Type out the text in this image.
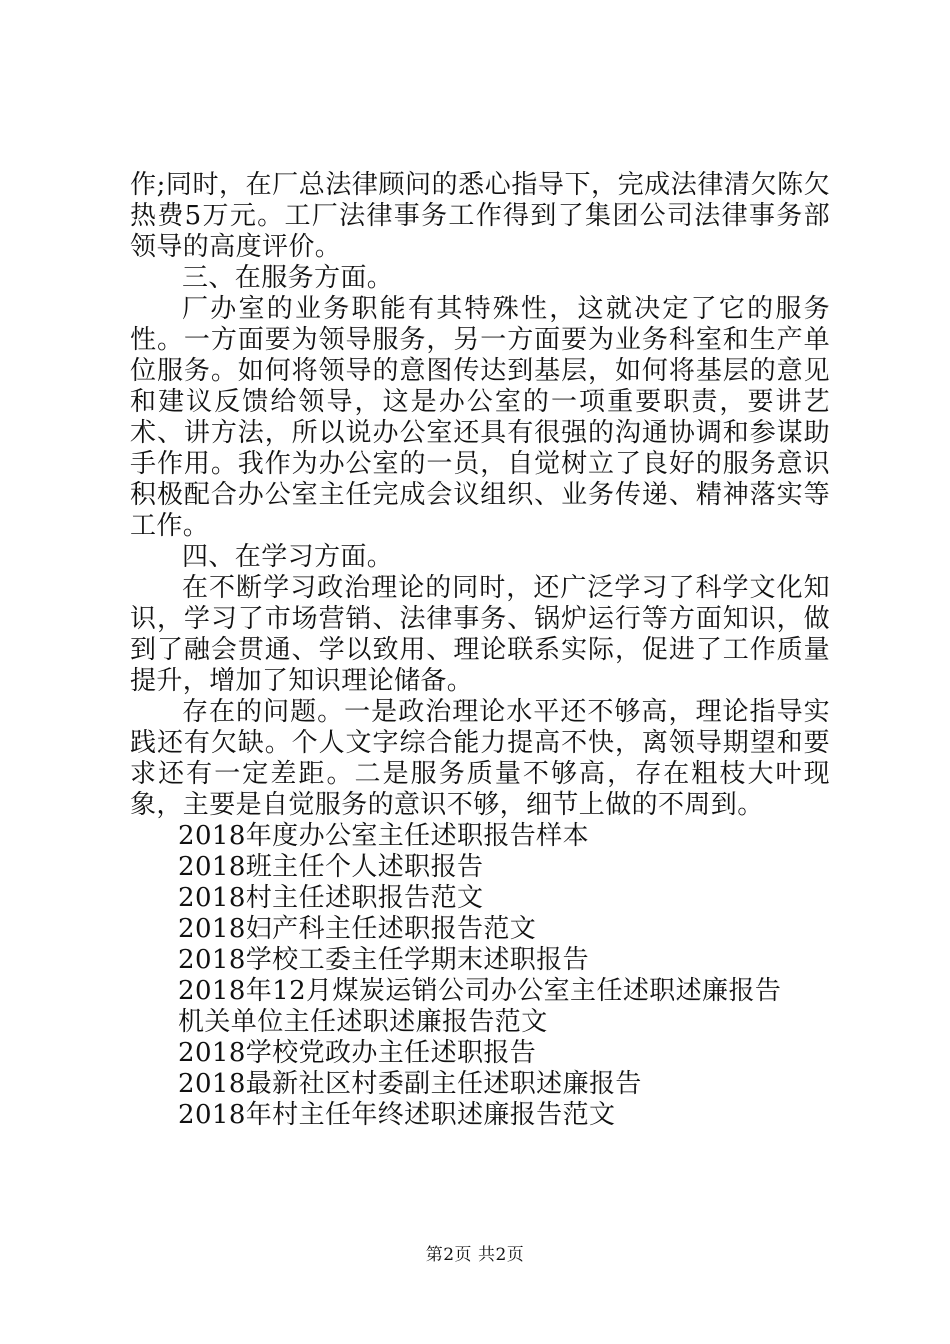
作;同时，在厂总法律顾问的悉心指导下，完成法律清欠陈欠热费5万元。工厂法律事务工作得到了集团公司法律事务部领导的高度评价。

三、在服务方面。

厂办室的业务职能有其特殊性，这就决定了它的服务性。一方面要为领导服务，另一方面要为业务科室和生产单位服务。如何将领导的意图传达到基层，如何将基层的意见和建议反馈给领导，这是办公室的一项重要职责，要讲艺术、讲方法，所以说办公室还具有很强的沟通协调和参谋助手作用。我作为办公室的一员，自觉树立了良好的服务意识积极配合办公室主任完成会议组织、业务传递、精神落实等工作。

四、在学习方面。

在不断学习政治理论的同时，还广泛学习了科学文化知识，学习了市场营销、法律事务、锅炉运行等方面知识，做到了融会贯通、学以致用、理论联系实际，促进了工作质量提升，增加了知识理论储备。

存在的问题。一是政治理论水平还不够高，理论指导实践还有欠缺。个人文字综合能力提高不快，离领导期望和要求还有一定差距。二是服务质量不够高，存在粗枝大叶现象，主要是自觉服务的意识不够，细节上做的不周到。

2018年度办公室主任述职报告样本
2018班主任个人述职报告
2018村主任述职报告范文
2018妇产科主任述职报告范文
2018学校工委主任学期末述职报告
2018年12月煤炭运销公司办公室主任述职述廉报告
机关单位主任述职述廉报告范文
2018学校党政办主任述职报告
2018最新社区村委副主任述职述廉报告
2018年村主任年终述职述廉报告范文
第2页 共2页
